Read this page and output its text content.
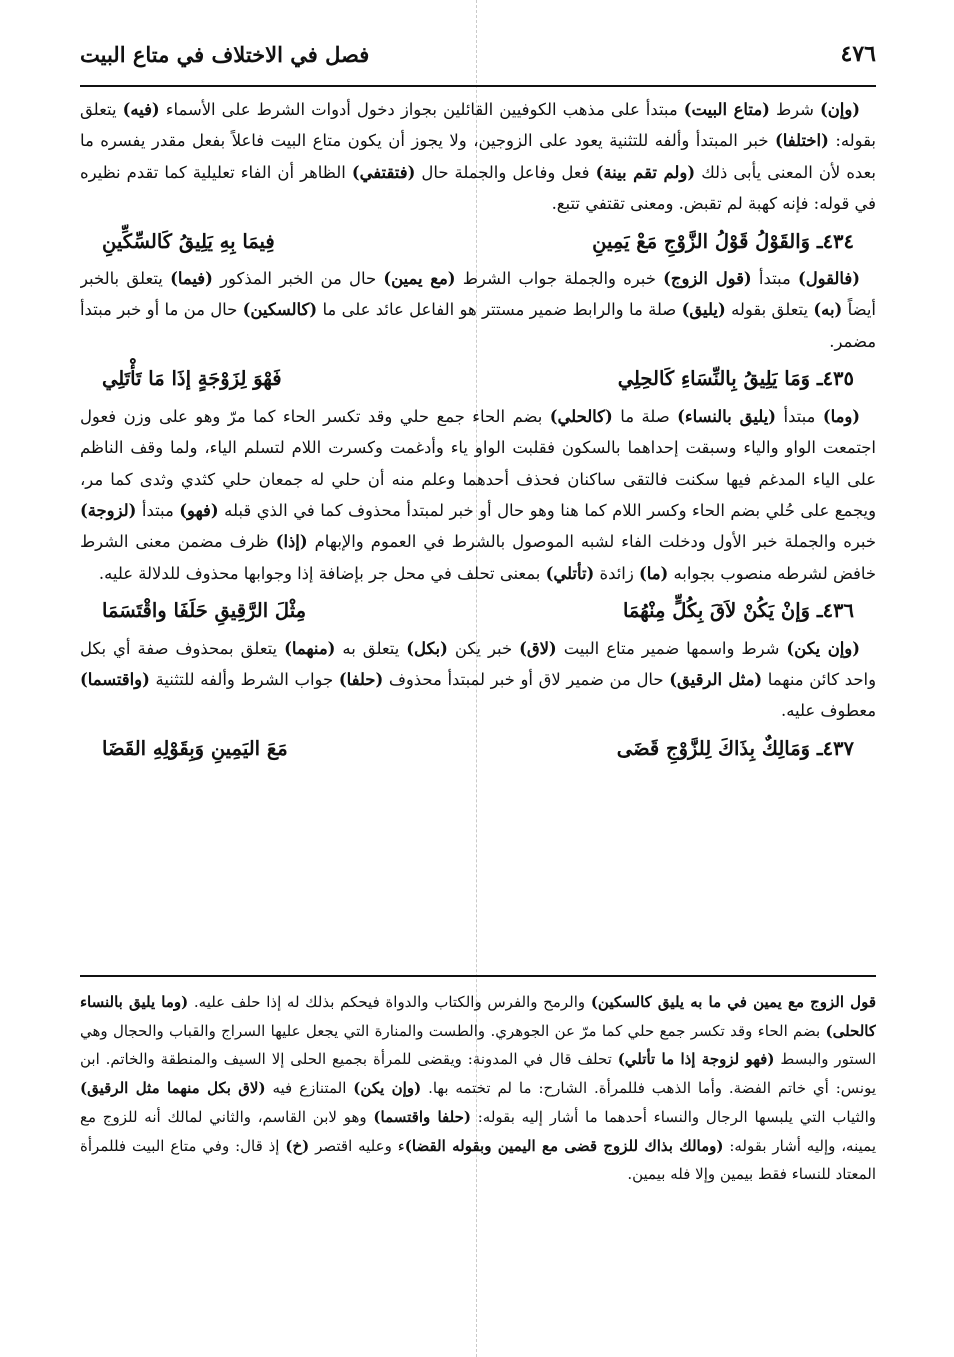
٤٧٦
فصل في الاختلاف في متاع البيت

(وإن) شرط (متاع البيت) مبتدأ على مذهب الكوفيين القائلين بجواز دخول أدوات الشرط على الأسماء (فيه) يتعلق بقوله: (اختلفا) خبر المبتدأ وألفه للتثنية يعود على الزوجين، ولا يجوز أن يكون متاع البيت فاعلاً بفعل مقدر يفسره ما بعده لأن المعنى يأبى ذلك (ولم تقم بينة) فعل وفاعل والجملة حال (فتقتفي) الظاهر أن الفاء تعليلية كما تقدم نظيره في قوله: فإنه كهبة لم تقبض. ومعنى تقتفي تتبع.

٤٣٤ـ وَالقَوْلُ قَوْلُ الزَّوْجِ مَعْ يَمِينِ
فِيمَا بِهِ يَلِيقُ كَالسِّكِّينِ

(فالقول) مبتدأ (قول الزوج) خبره والجملة جواب الشرط (مع يمين) حال من الخبر المذكور (فيما) يتعلق بالخبر أيضاً (به) يتعلق بقوله (يليق) صلة ما والرابط ضمير مستتر هو الفاعل عائد على ما (كالسكين) حال من ما أو خبر مبتدأ مضمر.

٤٣٥ـ وَمَا يَلِيقُ بِالنِّسَاءِ كَالحِلِي
فَهْوَ لِزَوْجَةٍ إذَا مَا تَأْتَلِي

(وما) مبتدأ (يليق بالنساء) صلة ما (كالحلي) بضم الحاء جمع حلي وقد تكسر الحاء كما مرّ وهو على وزن فعول اجتمعت الواو والياء وسبقت إحداهما بالسكون فقلبت الواو ياء وأدغمت وكسرت اللام لتسلم الياء، ولما وقف الناظم على الياء المدغم فيها سكنت فالتقى ساكنان فحذف أحدهما وعلم منه أن حلي له جمعان حلي كثدي وثدى كما مر، ويجمع على حُلي بضم الحاء وكسر اللام كما هنا وهو حال أو خبر لمبتدأ محذوف كما في الذي قبله (فهو) مبتدأ (لزوجة) خبره والجملة خبر الأول ودخلت الفاء لشبه الموصول بالشرط في العموم والإبهام (إذا) ظرف مضمن معنى الشرط خافض لشرطه منصوب بجوابه (ما) زائدة (تأتلي) بمعنى تحلف في محل جر بإضافة إذا وجوابها محذوف للدلالة عليه.

٤٣٦ـ وَإنْ يَكُنْ لاَقَ بِكُلٍّ مِنْهُمَا
مِثْلَ الرَّقِيقِ حَلَفَا واقْتَسَمَا

(وإن يكن) شرط واسمها ضمير متاع البيت (لاق) خبر يكن (بكل) يتعلق به (منهما) يتعلق بمحذوف صفة أي بكل واحد كائن منهما (مثل الرقيق) حال من ضمير لاق أو خبر لمبتدأ محذوف (حلفا) جواب الشرط وألفه للتثنية (واقتسما) معطوف عليه.

٤٣٧ـ وَمَالِكٌ بِذَاكَ لِلزَّوْجِ قَضَى
مَعَ اليَمِينِ وَبِقَوْلِهِ القَضَا

قول الزوج مع يمين في ما به يليق كالسكين) والرمح والفرس والكتاب والدواة فيحكم بذلك له إذا حلف عليه. (وما يليق بالنساء كالحلى) بضم الحاء وقد تكسر جمع حلي كما مرّ عن الجوهري. والطست والمنارة التي يجعل عليها السراج والقباب والحجال وهي الستور والبسط (فهو لزوجة إذا ما تأتلي) تحلف قال في المدونة: ويقضى للمرأة بجميع الحلى إلا السيف والمنطقة والخاتم. ابن يونس: أي خاتم الفضة. وأما الذهب فللمرأة. الشارح: ما لم تختمه بها. (وإن يكن) المتنازع فيه (لاق بكل منهما مثل الرقيق) والثياب التي يلبسها الرجال والنساء أحدهما ما أشار إليه بقوله: (حلفا واقتسما) وهو لابن القاسم، والثاني لمالك أنه للزوج مع يمينه، وإليه أشار بقوله: (ومالك بذاك للزوج قضى مع اليمين وبقوله القضا)ء وعليه اقتصر (خ) إذ قال: وفي متاع البيت فللمرأة المعتاد للنساء فقط بيمين وإلا فله بيمين.
